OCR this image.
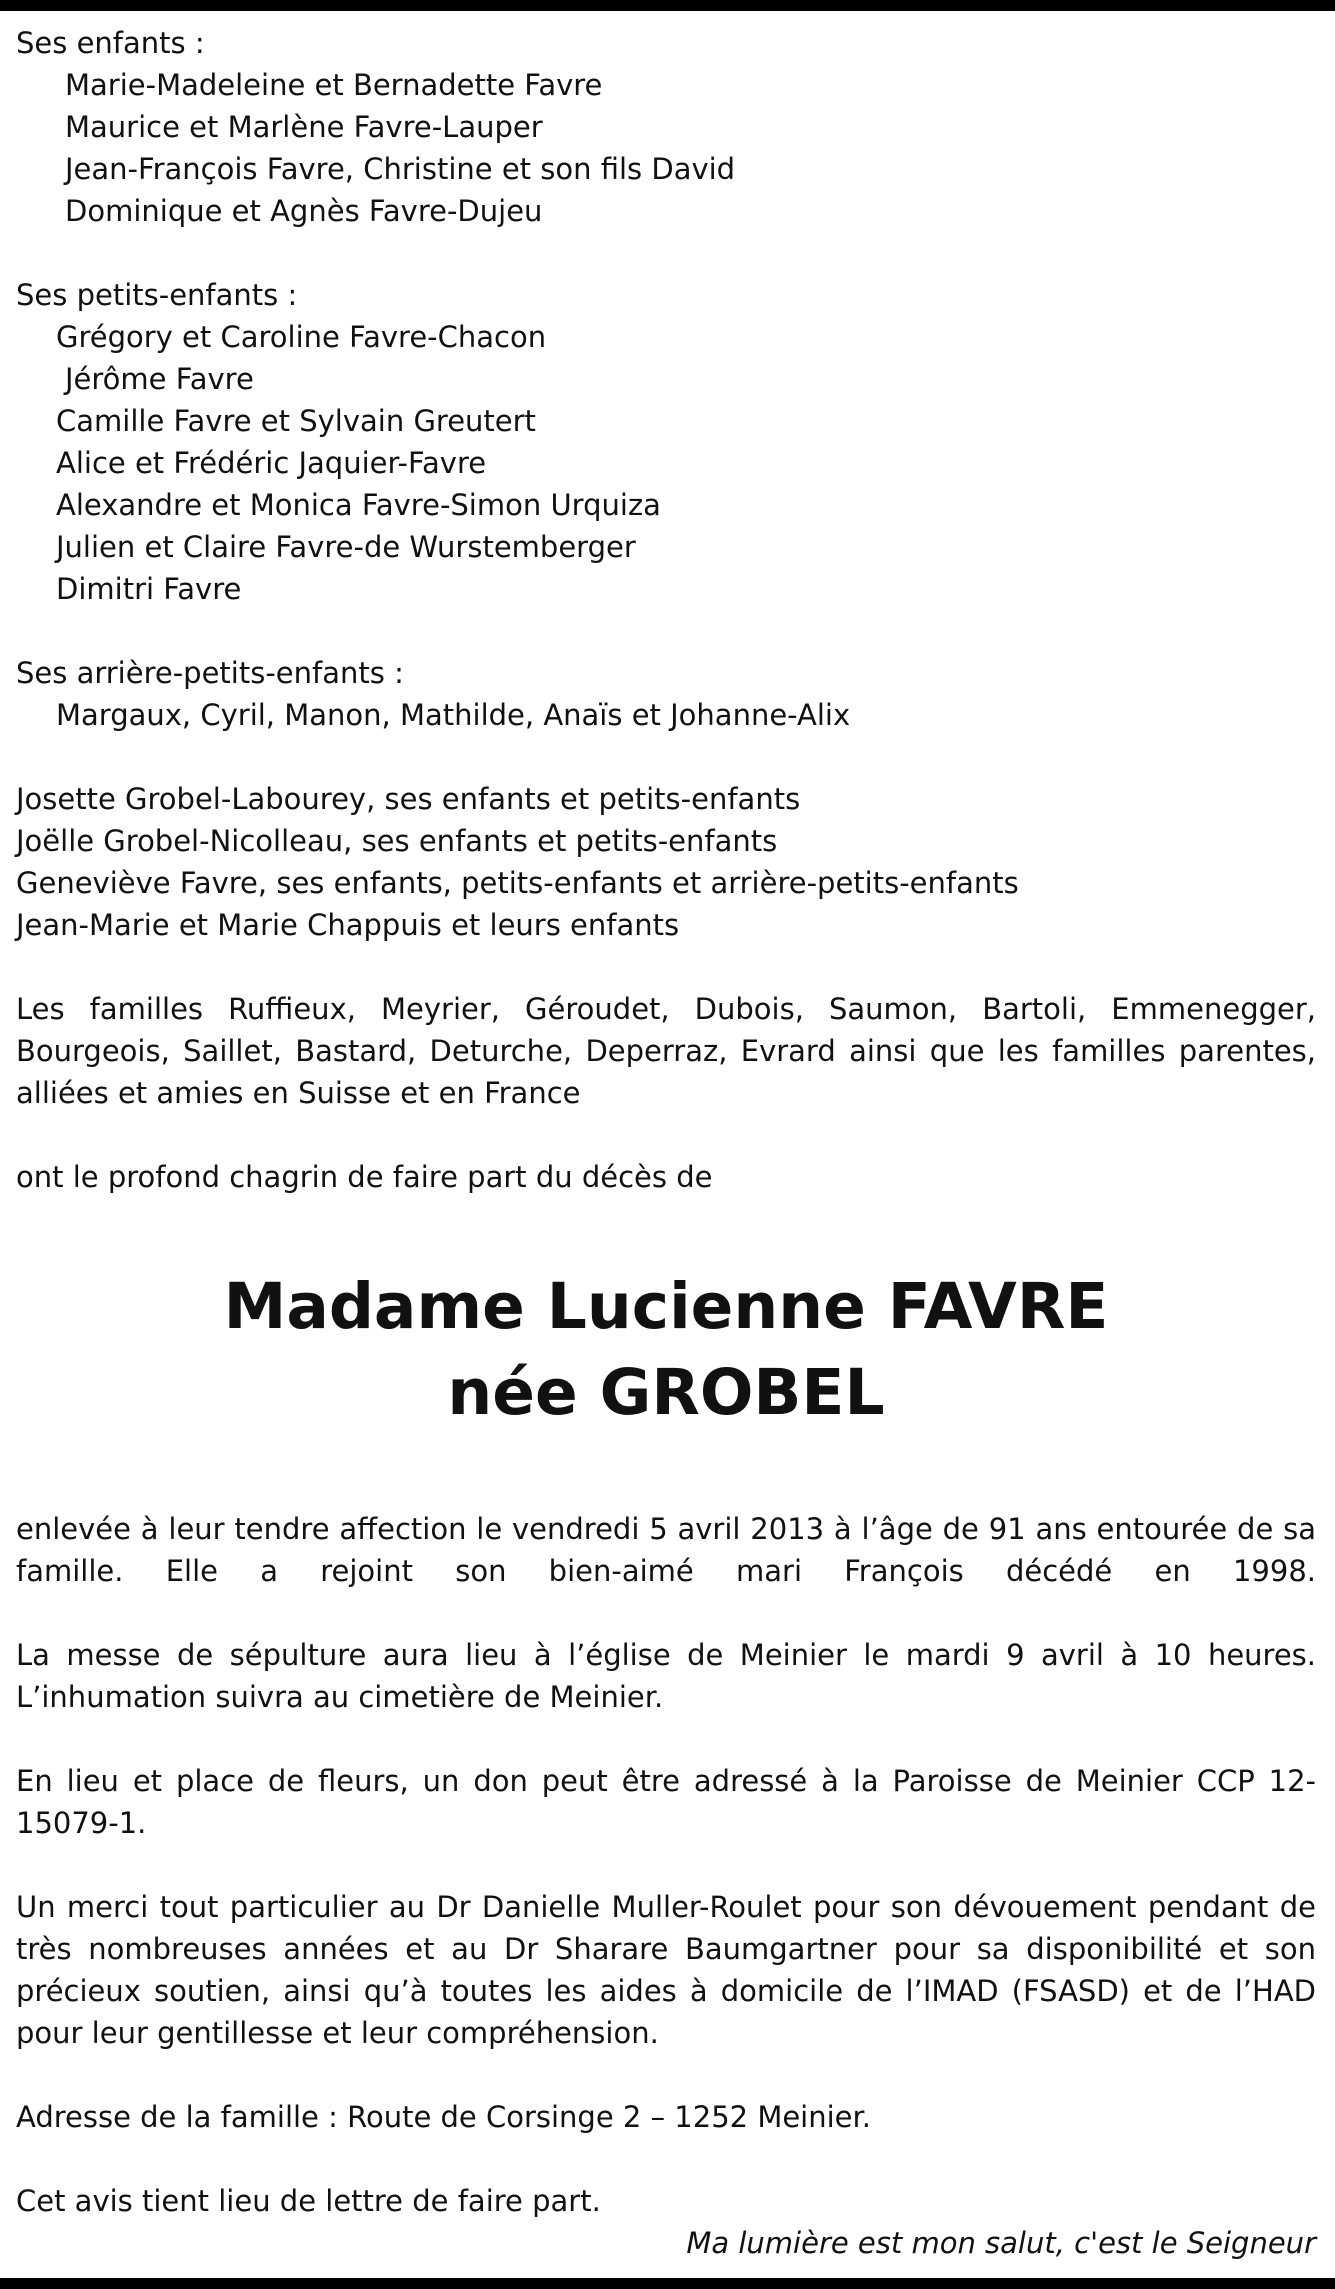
Ses enfants :
Marie-Madeleine et Bernadette Favre
Maurice et Marlène Favre-Lauper
Jean-François Favre, Christine et son fils David
Dominique et Agnès Favre-Dujeu
Ses petits-enfants :
Grégory et Caroline Favre-Chacon
Jérôme Favre
Camille Favre et Sylvain Greutert
Alice et Frédéric Jaquier-Favre
Alexandre et Monica Favre-Simon Urquiza
Julien et Claire Favre-de Wurstemberger
Dimitri Favre
Ses arrière-petits-enfants :
Margaux, Cyril, Manon, Mathilde, Anaïs et Johanne-Alix
Josette Grobel-Labourey, ses enfants et petits-enfants
Joëlle Grobel-Nicolleau, ses enfants et petits-enfants
Geneviève Favre, ses enfants, petits-enfants et arrière-petits-enfants
Jean-Marie et Marie Chappuis et leurs enfants
Les familles Ruffieux, Meyrier, Géroudet, Dubois, Saumon, Bartoli, Emmenegger, Bourgeois, Saillet, Bastard, Deturche, Deperraz, Evrard ainsi que les familles parentes, alliées et amies en Suisse et en France
ont le profond chagrin de faire part du décès de
Madame Lucienne FAVRE
née GROBEL
enlevée à leur tendre affection le vendredi 5 avril 2013 à l’âge de 91 ans entourée de sa famille. Elle a rejoint son bien-aimé mari François décédé en 1998.
La messe de sépulture aura lieu à l’église de Meinier le mardi 9 avril à 10 heures. L’inhumation suivra au cimetière de Meinier.
En lieu et place de fleurs, un don peut être adressé à la Paroisse de Meinier CCP 12-15079-1.
Un merci tout particulier au Dr Danielle Muller-Roulet pour son dévouement pendant de très nombreuses années et au Dr Sharare Baumgartner pour sa disponibilité et son précieux soutien, ainsi qu’à toutes les aides à domicile de l’IMAD (FSASD) et de l’HAD pour leur gentillesse et leur compréhension.
Adresse de la famille : Route de Corsinge 2 – 1252 Meinier.
Cet avis tient lieu de lettre de faire part.
Ma lumière est mon salut, c'est le Seigneur
